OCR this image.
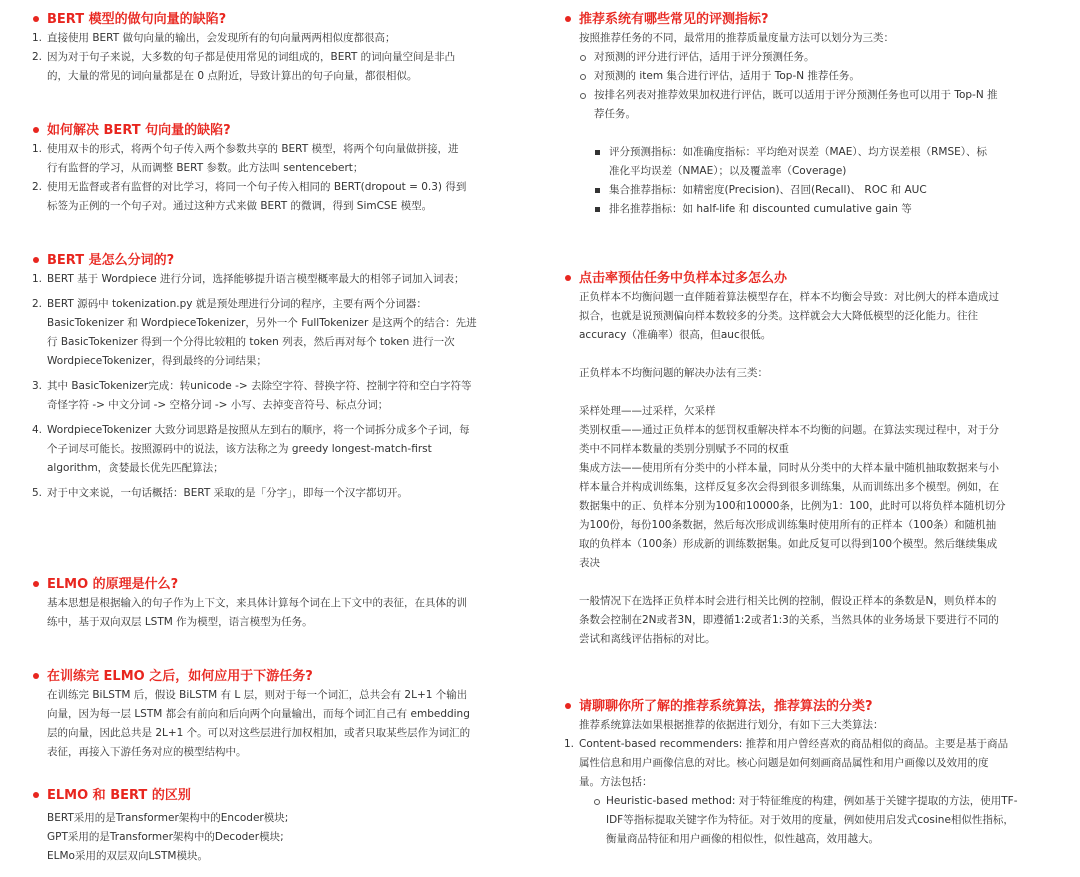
BERT 模型的做句向量的缺陷?
1. 直接使用 BERT 做句向量的输出，会发现所有的句向量两两相似度都很高；
2. 因为对于句子来说，大多数的句子都是使用常见的词组成的，BERT 的词向量空间是非凸
的，大量的常见的词向量都是在 0 点附近，导致计算出的句子向量，都很相似。
如何解决 BERT 句向量的缺陷?
1. 使用双卡的形式，将两个句子传入两个参数共享的 BERT 模型，将两个句向量做拼接，进
行有监督的学习，从而调整 BERT 参数。此方法叫 sentencebert；
2. 使用无监督或者有监督的对比学习，将同一个句子传入相同的 BERT(dropout = 0.3) 得到
标签为正例的一个句子对。通过这种方式来做 BERT 的微调，得到 SimCSE 模型。
BERT 是怎么分词的?
1. BERT 基于 Wordpiece 进行分词，选择能够提升语言模型概率最大的相邻子词加入词表；
2. BERT 源码中 tokenization.py 就是预处理进行分词的程序，主要有两个分词器：
BasicTokenizer 和 WordpieceTokenizer，另外一个 FullTokenizer 是这两个的结合：先进
行 BasicTokenizer 得到一个分得比较粗的 token 列表，然后再对每个 token 进行一次
WordpieceTokenizer，得到最终的分词结果；
3. 其中 BasicTokenizer完成：转unicode -> 去除空字符、替换字符、控制字符和空白字符等
奇怪字符 -> 中文分词 -> 空格分词 -> 小写、去掉变音符号、标点分词；
4. WordpieceTokenizer 大致分词思路是按照从左到右的顺序，将一个词拆分成多个子词，每
个子词尽可能长。按照源码中的说法，该方法称之为 greedy longest-match-first
algorithm，贪婪最长优先匹配算法；
5. 对于中文来说，一句话概括：BERT 采取的是「分字」，即每一个汉字都切开。
ELMO 的原理是什么?

基本思想是根据输入的句子作为上下文，来具体计算每个词在上下文中的表征，在具体的训
练中，基于双向双层 LSTM 作为模型，语言模型为任务。

在训练完 ELMO 之后，如何应用于下游任务?

在训练完 BiLSTM 后，假设 BiLSTM 有 L 层，则对于每一个词汇，总共会有 2L+1 个输出
向量，因为每一层 LSTM 都会有前向和后向两个向量输出，而每个词汇自己有 embedding
层的向量，因此总共是 2L+1 个。可以对这些层进行加权相加，或者只取某些层作为词汇的
表征，再接入下游任务对应的模型结构中。

ELMO 和 BERT 的区别

BERT采用的是Transformer架构中的Encoder模块;
GPT采用的是Transformer架构中的Decoder模块;
ELMo采用的双层双向LSTM模块。

推荐系统有哪些常见的评测指标?

按照推荐任务的不同，最常用的推荐质量度量方法可以划分为三类：

对预测的评分进行评估，适用于评分预测任务。
对预测的 item 集合进行评估，适用于 Top-N 推荐任务。
按排名列表对推荐效果加权进行评估，既可以适用于评分预测任务也可以用于 Top-N 推
荐任务。
评分预测指标：如准确度指标：平均绝对误差（MAE）、均方误差根（RMSE）、标
准化平均误差（NMAE）；以及覆盖率（Coverage)
集合推荐指标：如精密度(Precision)、召回(Recall)、 ROC 和 AUC
排名推荐指标：如 half-life 和 discounted cumulative gain 等
点击率预估任务中负样本过多怎么办

正负样本不均衡问题一直伴随着算法模型存在，样本不均衡会导致：对比例大的样本造成过
拟合，也就是说预测偏向样本数较多的分类。这样就会大大降低模型的泛化能力。往往
accuracy（准确率）很高，但auc很低。

正负样本不均衡问题的解决办法有三类：

采样处理——过采样，欠采样
类别权重——通过正负样本的惩罚权重解决样本不均衡的问题。在算法实现过程中，对于分
类中不同样本数量的类别分别赋予不同的权重
集成方法——使用所有分类中的小样本量，同时从分类中的大样本量中随机抽取数据来与小
样本量合并构成训练集，这样反复多次会得到很多训练集，从而训练出多个模型。例如，在
数据集中的正、负样本分别为100和10000条，比例为1：100，此时可以将负样本随机切分
为100份，每份100条数据，然后每次形成训练集时使用所有的正样本（100条）和随机抽
取的负样本（100条）形成新的训练数据集。如此反复可以得到100个模型。然后继续集成
表决

一般情况下在选择正负样本时会进行相关比例的控制，假设正样本的条数是N，则负样本的
条数会控制在2N或者3N，即遵循1:2或者1:3的关系，当然具体的业务场景下要进行不同的
尝试和离线评估指标的对比。

请聊聊你所了解的推荐系统算法，推荐算法的分类?

推荐系统算法如果根据推荐的依据进行划分，有如下三大类算法：

1. Content-based recommenders: 推荐和用户曾经喜欢的商品相似的商品。主要是基于商品
属性信息和用户画像信息的对比。核心问题是如何刻画商品属性和用户画像以及效用的度
量。方法包括：
Heuristic-based method: 对于特征维度的构建，例如基于关键字提取的方法，使用TF-
IDF等指标提取关键字作为特征。对于效用的度量，例如使用启发式cosine相似性指标，
衡量商品特征和用户画像的相似性，似性越高，效用越大。
